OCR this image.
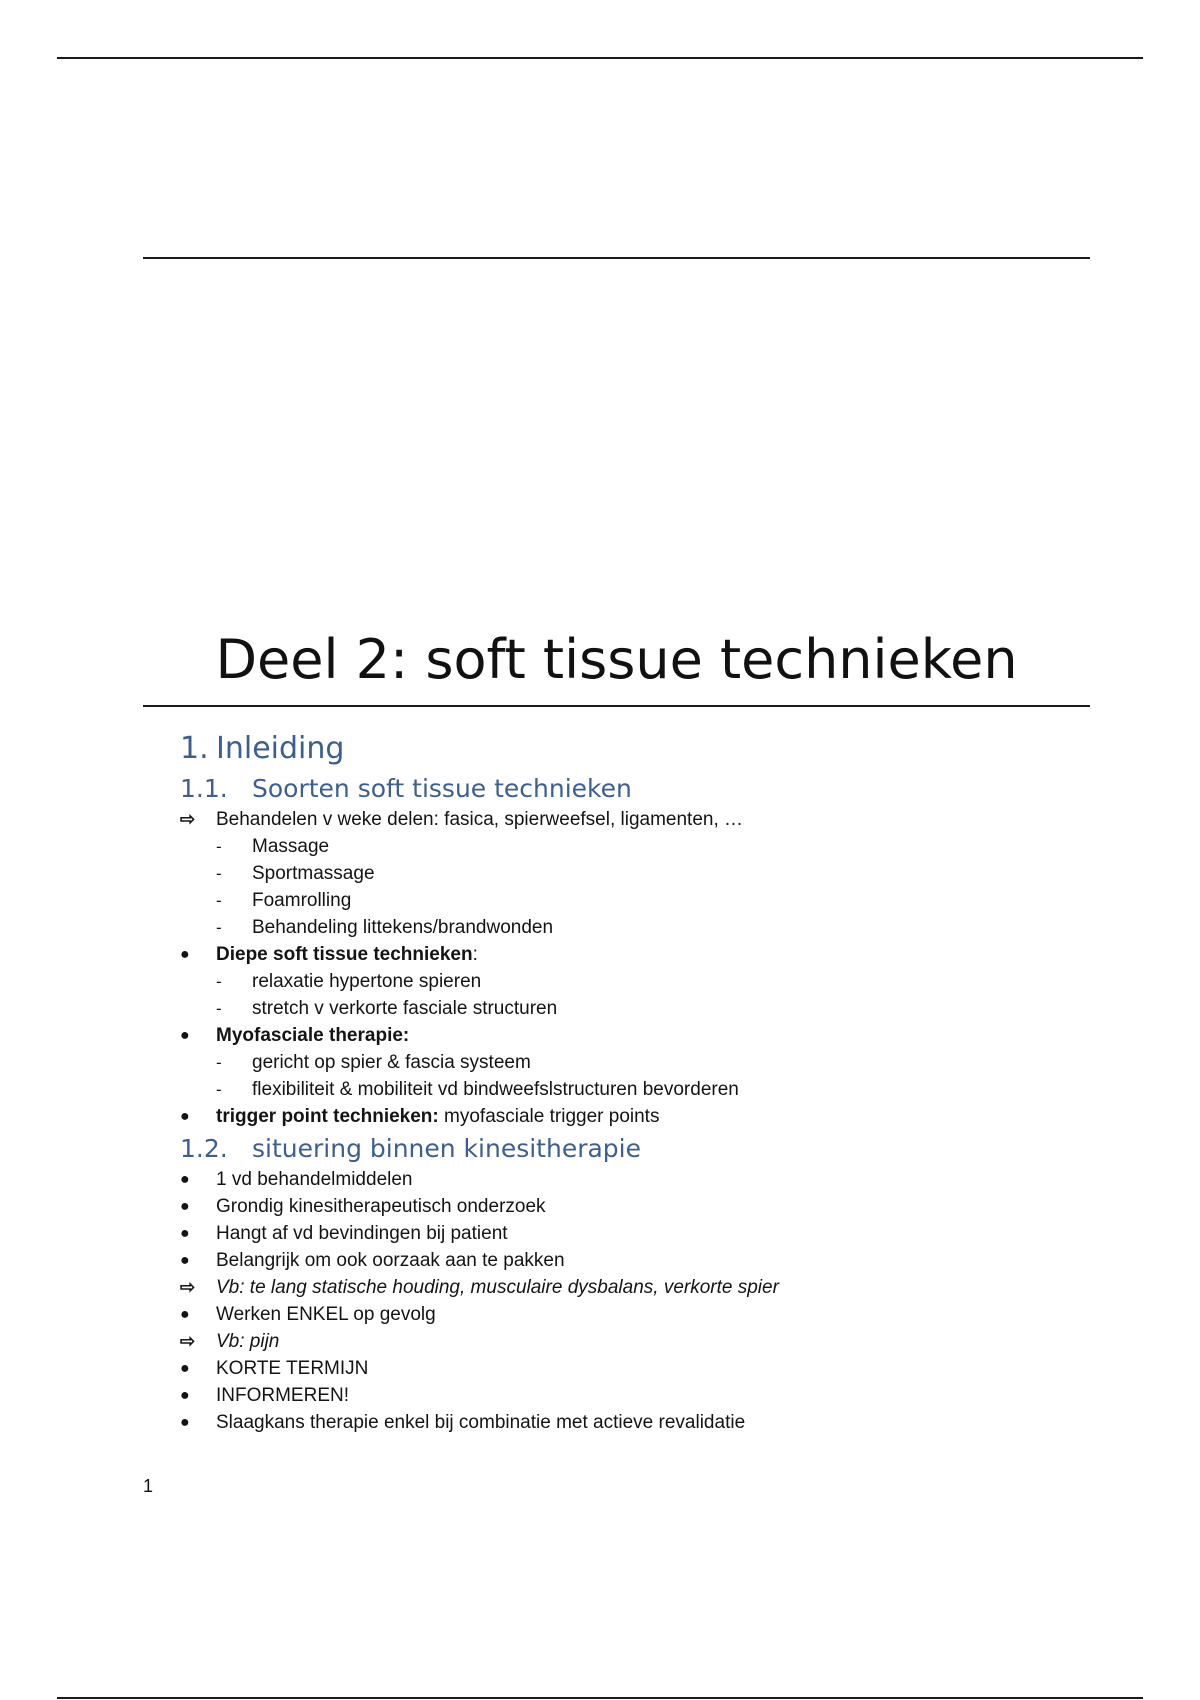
Deel 2: soft tissue technieken
1. Inleiding
1.1. Soorten soft tissue technieken
⇨ Behandelen v weke delen: fasica, spierweefsel, ligamenten, …
- Massage
- Sportmassage
- Foamrolling
- Behandeling littekens/brandwonden
● Diepe soft tissue technieken :
- relaxatie hypertone spieren
- stretch v verkorte fasciale structuren
● Myofasciale therapie:
- gericht op spier & fascia systeem
- flexibiliteit & mobiliteit vd bindweefslstructuren bevorderen
● trigger point technieken: myofasciale trigger points
1.2. situering binnen kinesitherapie
● 1 vd behandelmiddelen
● Grondig kinesitherapeutisch onderzoek
● Hangt af vd bevindingen bij patient
● Belangrijk om ook oorzaak aan te pakken
⇨ Vb: te lang statische houding, musculaire dysbalans, verkorte spier
● Werken ENKEL op gevolg
⇨ Vb: pijn
● KORTE TERMIJN
● INFORMEREN!
● Slaagkans therapie enkel bij combinatie met actieve revalidatie
1
